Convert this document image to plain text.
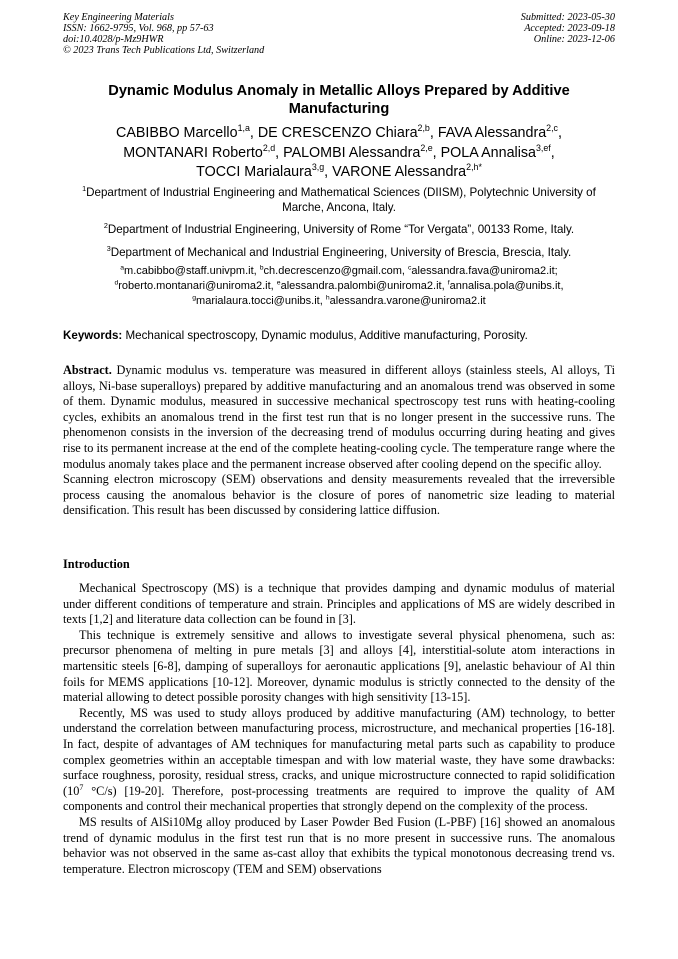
Key Engineering Materials
ISSN: 1662-9795, Vol. 968, pp 57-63
doi:10.4028/p-Mz9HWR
© 2023 Trans Tech Publications Ltd, Switzerland
Submitted: 2023-05-30
Accepted: 2023-09-18
Online: 2023-12-06
Dynamic Modulus Anomaly in Metallic Alloys Prepared by Additive Manufacturing
CABIBBO Marcello$^{1,a}$, DE CRESCENZO Chiara$^{2,b}$, FAVA Alessandra$^{2,c}$,
MONTANARI Roberto$^{2,d}$, PALOMBI Alessandra$^{2,e}$, POLA Annalisa$^{3,ef}$,
TOCCI Marialaura$^{3,g}$, VARONE Alessandra$^{2,h*}$
$^1$Department of Industrial Engineering and Mathematical Sciences (DIISM), Polytechnic University of Marche, Ancona, Italy.
$^2$Department of Industrial Engineering, University of Rome “Tor Vergata”, 00133 Rome, Italy.
$^3$Department of Mechanical and Industrial Engineering, University of Brescia, Brescia, Italy.
$^a$m.cabibbo@staff.univpm.it, $^b$ch.decrescenzo@gmail.com, $^c$alessandra.fava@uniroma2.it;
$^d$roberto.montanari@uniroma2.it, $^e$alessandra.palombi@uniroma2.it, $^f$annalisa.pola@unibs.it,
$^g$marialaura.tocci@unibs.it, $^h$alessandra.varone@uniroma2.it
Keywords: Mechanical spectroscopy, Dynamic modulus, Additive manufacturing, Porosity.

Abstract. Dynamic modulus vs. temperature was measured in different alloys (stainless steels, Al alloys, Ti alloys, Ni-base superalloys) prepared by additive manufacturing and an anomalous trend was observed in some of them. Dynamic modulus, measured in successive mechanical spectroscopy test runs with heating-cooling cycles, exhibits an anomalous trend in the first test run that is no longer present in the successive runs. The phenomenon consists in the inversion of the decreasing trend of modulus occurring during heating and gives rise to its permanent increase at the end of the complete heating-cooling cycle. The temperature range where the modulus anomaly takes place and the permanent increase observed after cooling depend on the specific alloy.

Scanning electron microscopy (SEM) observations and density measurements revealed that the irreversible process causing the anomalous behavior is the closure of pores of nanometric size leading to material densification. This result has been discussed by considering lattice diffusion.

Introduction

Mechanical Spectroscopy (MS) is a technique that provides damping and dynamic modulus of material under different conditions of temperature and strain. Principles and applications of MS are widely described in texts [1,2] and literature data collection can be found in [3].

This technique is extremely sensitive and allows to investigate several physical phenomena, such as: precursor phenomena of melting in pure metals [3] and alloys [4], interstitial-solute atom interactions in martensitic steels [6-8], damping of superalloys for aeronautic applications [9], anelastic behaviour of Al thin foils for MEMS applications [10-12]. Moreover, dynamic modulus is strictly connected to the density of the material allowing to detect possible porosity changes with high sensitivity [13-15].

Recently, MS was used to study alloys produced by additive manufacturing (AM) technology, to better understand the correlation between manufacturing process, microstructure, and mechanical properties [16-18]. In fact, despite of advantages of AM techniques for manufacturing metal parts such as capability to produce complex geometries within an acceptable timespan and with low material waste, they have some drawbacks: surface roughness, porosity, residual stress, cracks, and unique microstructure connected to rapid solidification ($10^7$ °C/s) [19-20]. Therefore, post-processing treatments are required to improve the quality of AM components and control their mechanical properties that strongly depend on the complexity of the process.

MS results of AlSi10Mg alloy produced by Laser Powder Bed Fusion (L-PBF) [16] showed an anomalous trend of dynamic modulus in the first test run that is no more present in successive runs. The anomalous behavior was not observed in the same as-cast alloy that exhibits the typical monotonous decreasing trend vs. temperature. Electron microscopy (TEM and SEM) observations
